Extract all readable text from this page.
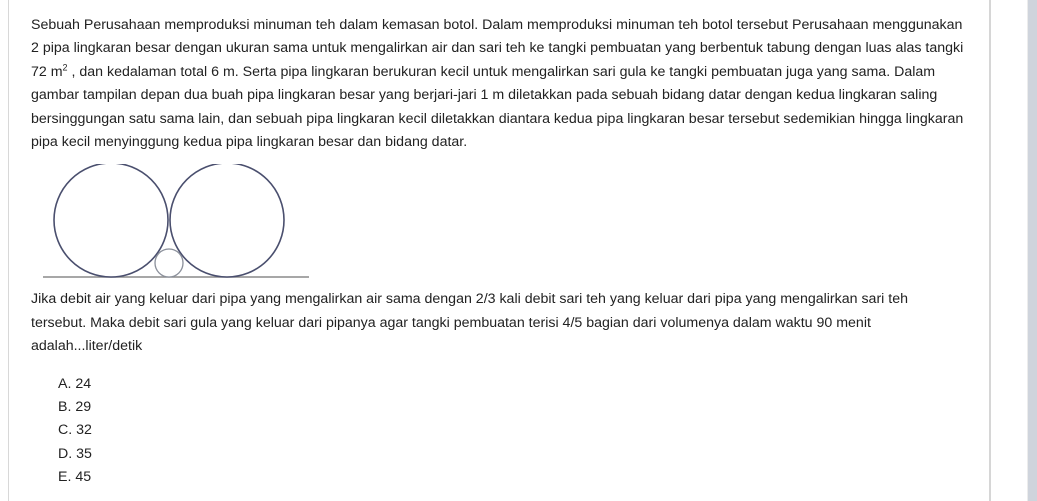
Sebuah Perusahaan memproduksi minuman teh dalam kemasan botol. Dalam memproduksi minuman teh botol tersebut Perusahaan menggunakan 2 pipa lingkaran besar dengan ukuran sama untuk mengalirkan air dan sari teh ke tangki pembuatan yang berbentuk tabung dengan luas alas tangki 72 $m^2$ , dan kedalaman total 6 m. Serta pipa lingkaran berukuran kecil untuk mengalirkan sari gula ke tangki pembuatan juga yang sama. Dalam gambar tampilan depan dua buah pipa lingkaran besar yang berjari-jari 1 m diletakkan pada sebuah bidang datar dengan kedua lingkaran saling bersinggungan satu sama lain, dan sebuah pipa lingkaran kecil diletakkan diantara kedua pipa lingkaran besar tersebut sedemikian hingga lingkaran pipa kecil menyinggung kedua pipa lingkaran besar dan bidang datar.

Jika debit air yang keluar dari pipa yang mengalirkan air sama dengan 2/3 kali debit sari teh yang keluar dari pipa yang mengalirkan sari teh tersebut. Maka debit sari gula yang keluar dari pipanya agar tangki pembuatan terisi 4/5 bagian dari volumenya dalam waktu 90 menit adalah...liter/detik

A. 24
B. 29
C. 32
D. 35
E. 45
